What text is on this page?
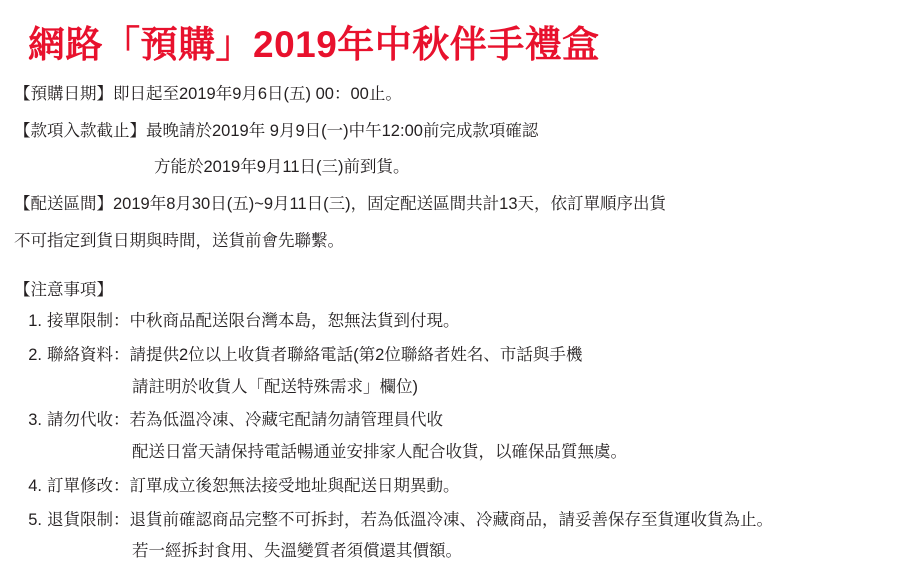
網路「預購」2019年中秋伴手禮盒

【預購日期】即日起至2019年9月6日(五) 00：00止。

【款項入款截止】最晚請於2019年 9月9日(一)中午12:00前完成款項確認

方能於2019年9月11日(三)前到貨。

【配送區間】2019年8月30日(五)~9月11日(三)，固定配送區間共計13天，依訂單順序出貨

不可指定到貨日期與時間，送貨前會先聯繫。

【注意事項】

1. 接單限制：中秋商品配送限台灣本島，恕無法貨到付現。
2. 聯絡資料：請提供2位以上收貨者聯絡電話(第2位聯絡者姓名、市話與手機
請註明於收貨人「配送特殊需求」欄位)
3. 請勿代收：若為低溫冷凍、冷藏宅配請勿請管理員代收
配送日當天請保持電話暢通並安排家人配合收貨，以確保品質無虞。
4. 訂單修改：訂單成立後恕無法接受地址與配送日期異動。
5. 退貨限制：退貨前確認商品完整不可拆封，若為低溫冷凍、冷藏商品，請妥善保存至貨運收貨為止。
若一經拆封食用、失溫變質者須償還其價額。
